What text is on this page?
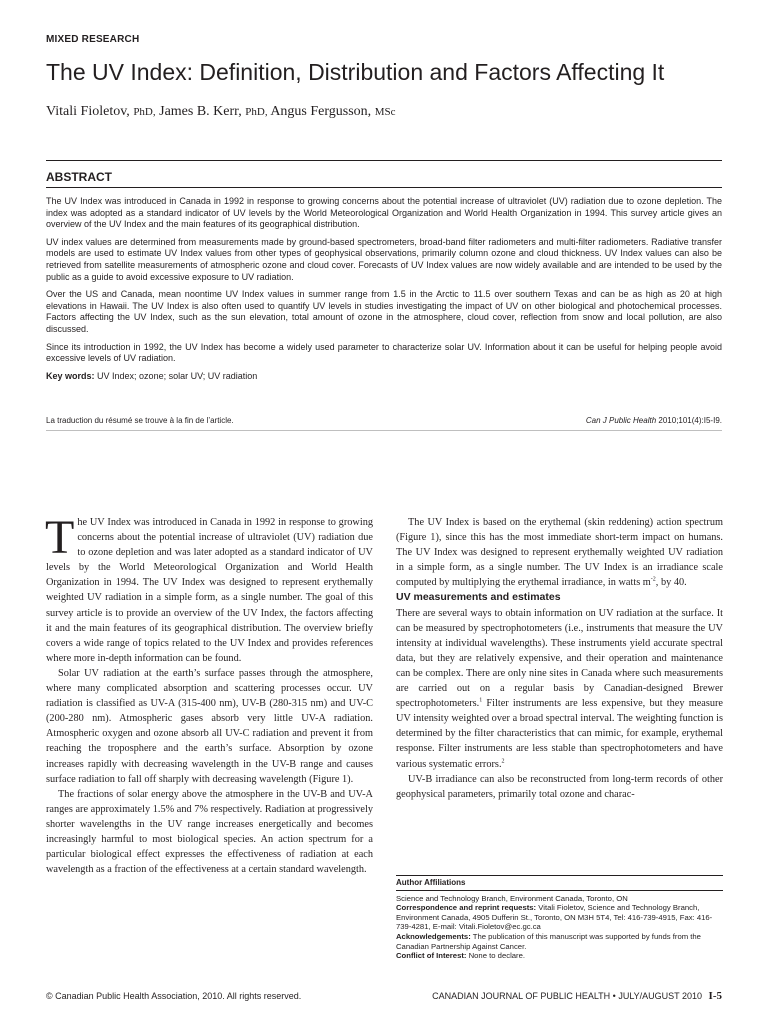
MIXED RESEARCH
The UV Index: Definition, Distribution and Factors Affecting It
Vitali Fioletov, PhD, James B. Kerr, PhD, Angus Fergusson, MSc
ABSTRACT

The UV Index was introduced in Canada in 1992 in response to growing concerns about the potential increase of ultraviolet (UV) radiation due to ozone depletion. The index was adopted as a standard indicator of UV levels by the World Meteorological Organization and World Health Organization in 1994. This survey article gives an overview of the UV Index and the main features of its geographical distribution.

UV index values are determined from measurements made by ground-based spectrometers, broad-band filter radiometers and multi-filter radiometers. Radiative transfer models are used to estimate UV Index values from other types of geophysical observations, primarily column ozone and cloud thickness. UV Index values can also be retrieved from satellite measurements of atmospheric ozone and cloud cover. Forecasts of UV Index values are now widely available and are intended to be used by the public as a guide to avoid excessive exposure to UV radiation.

Over the US and Canada, mean noontime UV Index values in summer range from 1.5 in the Arctic to 11.5 over southern Texas and can be as high as 20 at high elevations in Hawaii. The UV Index is also often used to quantify UV levels in studies investigating the impact of UV on other biological and photochemical processes. Factors affecting the UV Index, such as the sun elevation, total amount of ozone in the atmosphere, cloud cover, reflection from snow and local pollution, are also discussed.

Since its introduction in 1992, the UV Index has become a widely used parameter to characterize solar UV. Information about it can be useful for helping people avoid excessive levels of UV radiation.

Key words: UV Index; ozone; solar UV; UV radiation
La traduction du résumé se trouve à la fin de l’article.	Can J Public Health 2010;101(4):I5-I9.

The UV Index was introduced in Canada in 1992 in response to growing concerns about the potential increase of ultraviolet (UV) radiation due to ozone depletion and was later adopted as a standard indicator of UV levels by the World Meteorological Organization and World Health Organization in 1994. The UV Index was designed to represent erythemally weighted UV radiation in a simple form, as a single number. The goal of this survey article is to provide an overview of the UV Index, the factors affecting it and the main features of its geographical distribution. The overview briefly covers a wide range of topics related to the UV Index and provides references where more in-depth information can be found.

Solar UV radiation at the earth’s surface passes through the atmosphere, where many complicated absorption and scattering processes occur. UV radiation is classified as UV-A (315-400 nm), UV-B (280-315 nm) and UV-C (200-280 nm). Atmospheric gases absorb very little UV-A radiation. Atmospheric oxygen and ozone absorb all UV-C radiation and prevent it from reaching the troposphere and the earth’s surface. Absorption by ozone increases rapidly with decreasing wavelength in the UV-B range and causes surface radiation to fall off sharply with decreasing wavelength (Figure 1).

The fractions of solar energy above the atmosphere in the UV-B and UV-A ranges are approximately 1.5% and 7% respectively. Radiation at progressively shorter wavelengths in the UV range increases energetically and becomes increasingly harmful to most biological species. An action spectrum for a particular biological effect expresses the effectiveness of radiation at each wavelength as a fraction of the effectiveness at a certain standard wavelength.

The UV Index is based on the erythemal (skin reddening) action spectrum (Figure 1), since this has the most immediate short-term impact on humans. The UV Index was designed to represent erythemally weighted UV radiation in a simple form, as a single number. The UV Index is an irradiance scale computed by multiplying the erythemal irradiance, in watts $m^{-2}$, by 40.

UV measurements and estimates

There are several ways to obtain information on UV radiation at the surface. It can be measured by spectrophotometers (i.e., instruments that measure the UV intensity at individual wavelengths). These instruments yield accurate spectral data, but they are relatively expensive, and their operation and maintenance can be complex. There are only nine sites in Canada where such measurements are carried out on a regular basis by Canadian-designed Brewer spectrophotometers.$^1$ Filter instruments are less expensive, but they measure UV intensity weighted over a broad spectral interval. The weighting function is determined by the filter characteristics that can mimic, for example, erythemal response. Filter instruments are less stable than spectrophotometers and have various systematic errors.$^2$

UV-B irradiance can also be reconstructed from long-term records of other geophysical parameters, primarily total ozone and charac-

Author Affiliations

Science and Technology Branch, Environment Canada, Toronto, ON

Correspondence and reprint requests: Vitali Fioletov, Science and Technology Branch, Environment Canada, 4905 Dufferin St., Toronto, ON M3H 5T4, Tel: 416-739-4915, Fax: 416-739-4281, E-mail: Vitali.Fioletov@ec.gc.ca

Acknowledgements: The publication of this manuscript was supported by funds from the Canadian Partnership Against Cancer.

Conflict of Interest: None to declare.

© Canadian Public Health Association, 2010. All rights reserved.	CANADIAN JOURNAL OF PUBLIC HEALTH • JULY/AUGUST 2010 I-5
